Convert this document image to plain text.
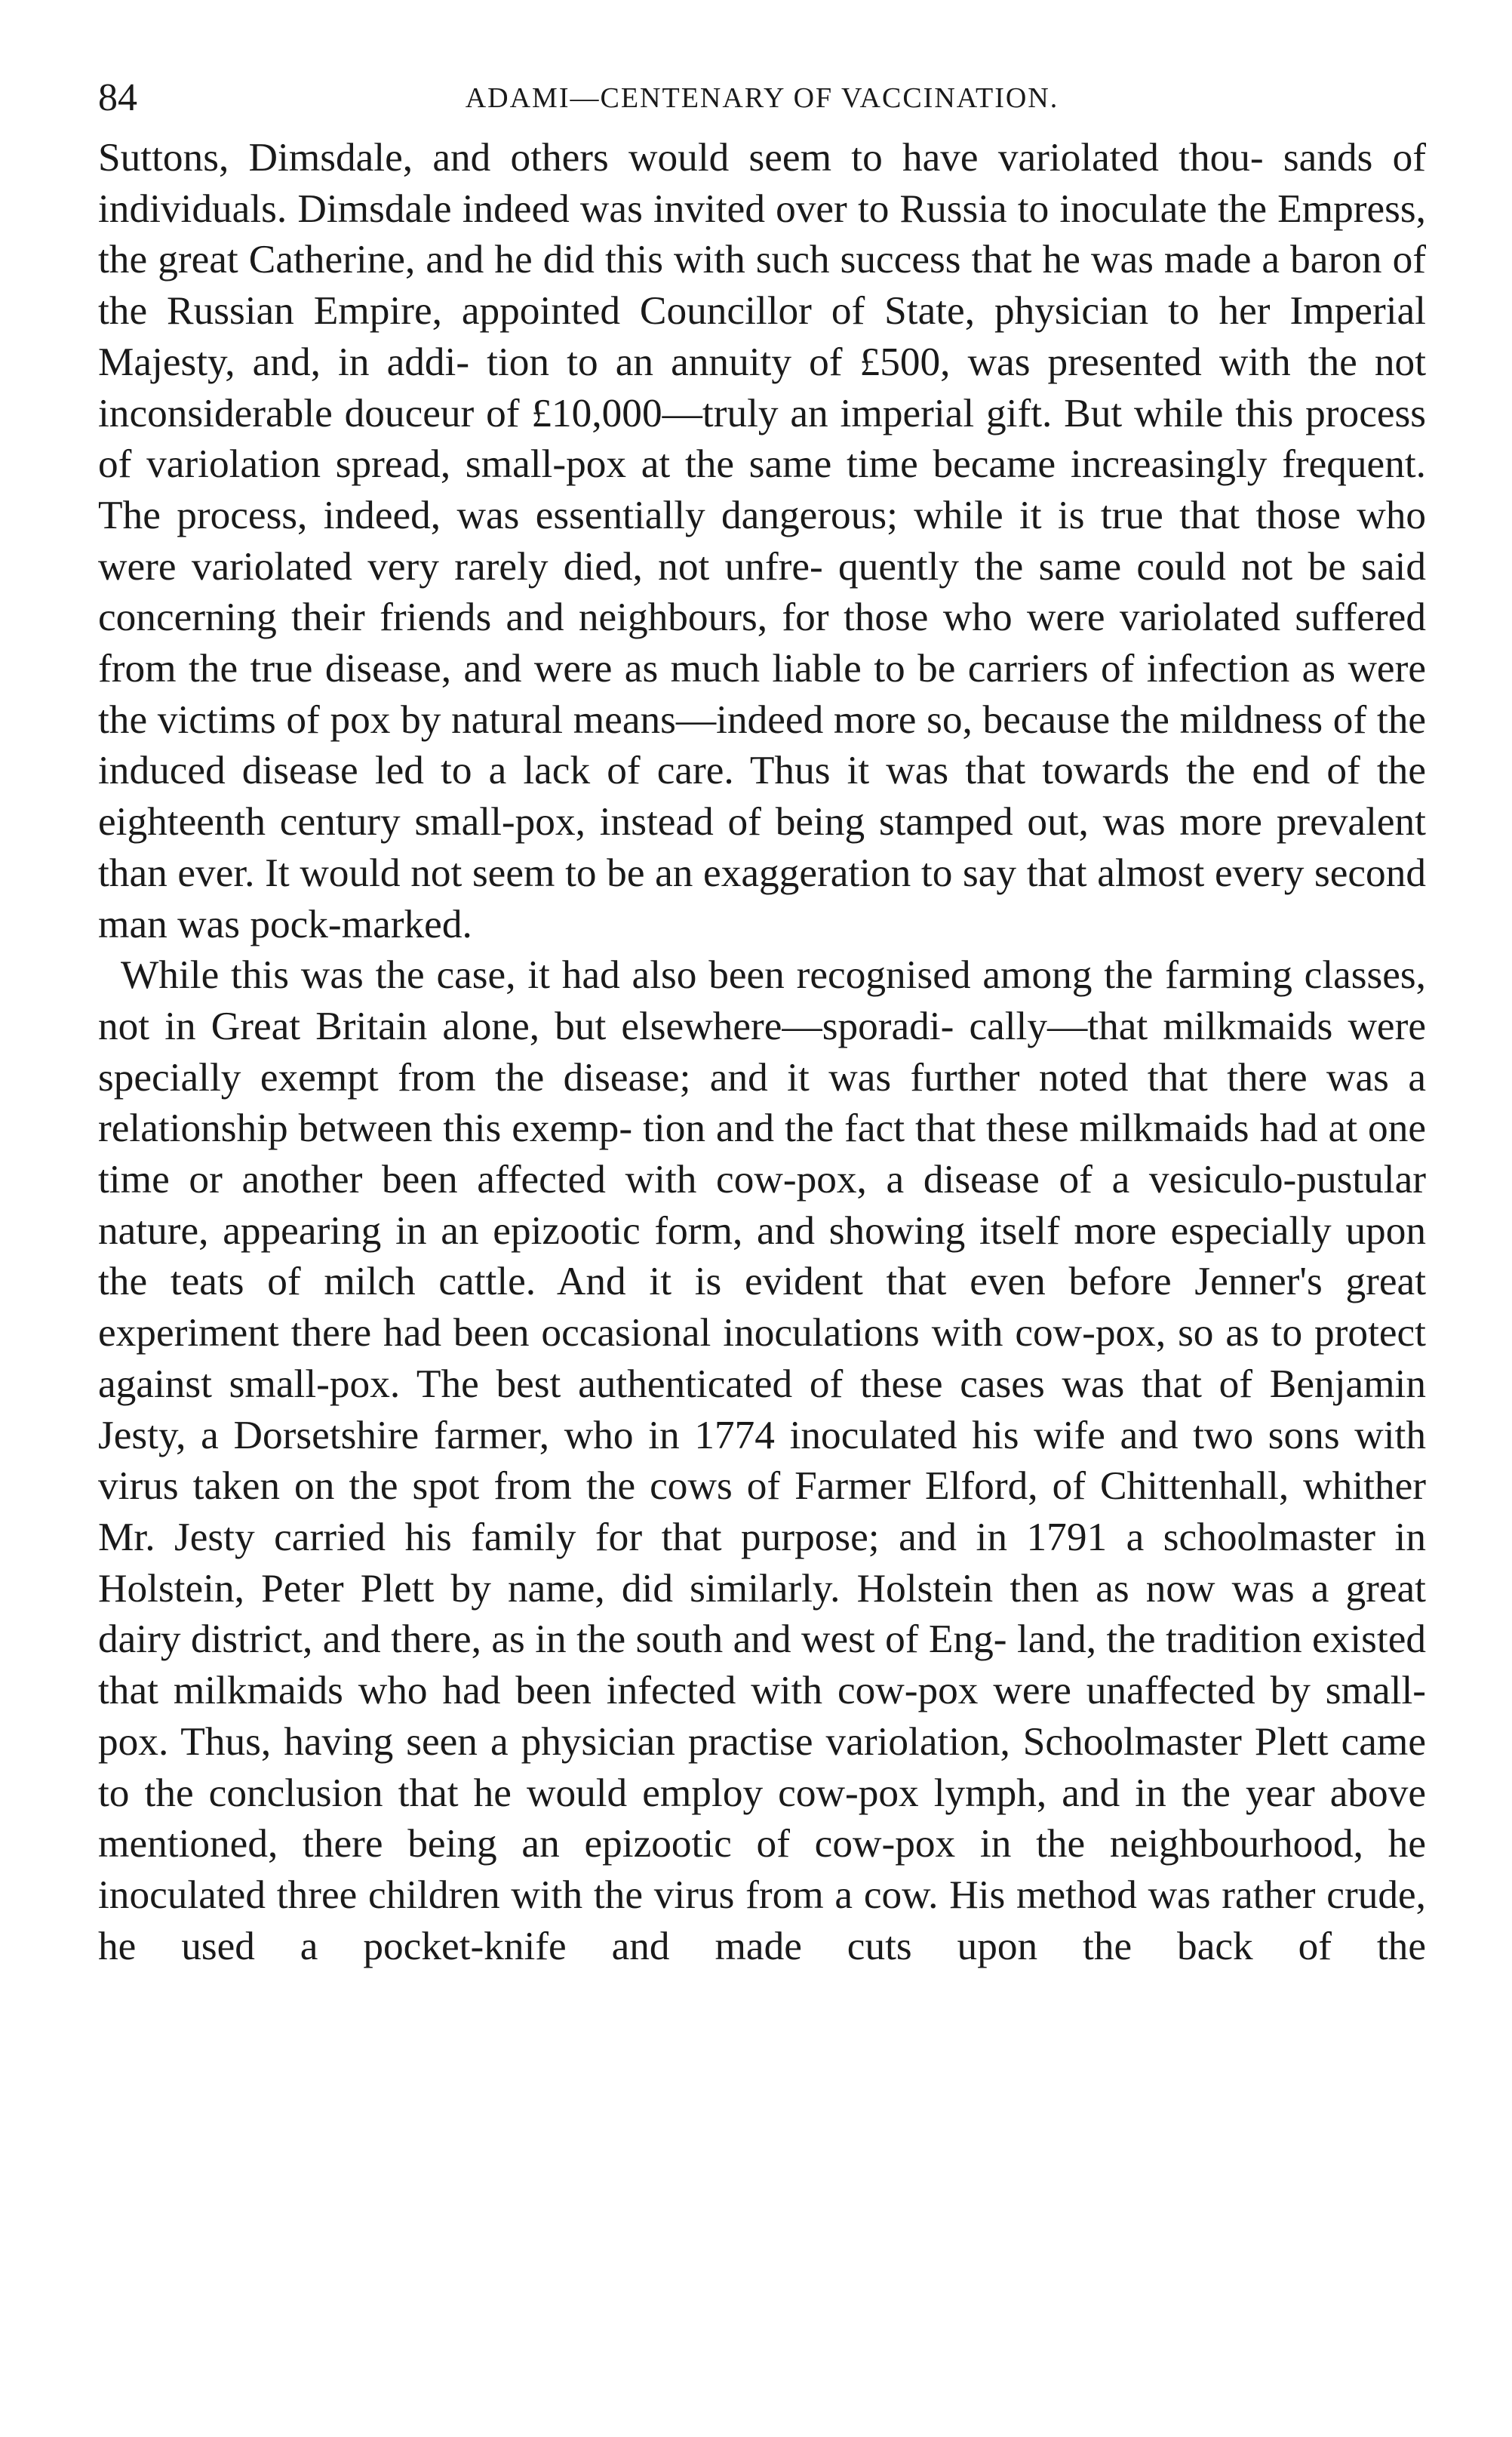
84	ADAMI—CENTENARY OF VACCINATION.

Suttons, Dimsdale, and others would seem to have variolated thou- sands of individuals. Dimsdale indeed was invited over to Russia to inoculate the Empress, the great Catherine, and he did this with such success that he was made a baron of the Russian Empire, appointed Councillor of State, physician to her Imperial Majesty, and, in addi- tion to an annuity of £500, was presented with the not inconsiderable douceur of £10,000—truly an imperial gift. But while this process of variolation spread, small-pox at the same time became increasingly frequent. The process, indeed, was essentially dangerous; while it is true that those who were variolated very rarely died, not unfre- quently the same could not be said concerning their friends and neighbours, for those who were variolated suffered from the true disease, and were as much liable to be carriers of infection as were the victims of pox by natural means—indeed more so, because the mildness of the induced disease led to a lack of care. Thus it was that towards the end of the eighteenth century small-pox, instead of being stamped out, was more prevalent than ever. It would not seem to be an exaggeration to say that almost every second man was pock-marked.

While this was the case, it had also been recognised among the farming classes, not in Great Britain alone, but elsewhere—sporadi- cally—that milkmaids were specially exempt from the disease; and it was further noted that there was a relationship between this exemp- tion and the fact that these milkmaids had at one time or another been affected with cow-pox, a disease of a vesiculo-pustular nature, appearing in an epizootic form, and showing itself more especially upon the teats of milch cattle. And it is evident that even before Jenner's great experiment there had been occasional inoculations with cow-pox, so as to protect against small-pox. The best authenticated of these cases was that of Benjamin Jesty, a Dorsetshire farmer, who in 1774 inoculated his wife and two sons with virus taken on the spot from the cows of Farmer Elford, of Chittenhall, whither Mr. Jesty carried his family for that purpose; and in 1791 a schoolmaster in Holstein, Peter Plett by name, did similarly. Holstein then as now was a great dairy district, and there, as in the south and west of Eng- land, the tradition existed that milkmaids who had been infected with cow-pox were unaffected by small-pox. Thus, having seen a physician practise variolation, Schoolmaster Plett came to the conclusion that he would employ cow-pox lymph, and in the year above mentioned, there being an epizootic of cow-pox in the neighbourhood, he inoculated three children with the virus from a cow. His method was rather crude, he used a pocket-knife and made cuts upon the back of the
